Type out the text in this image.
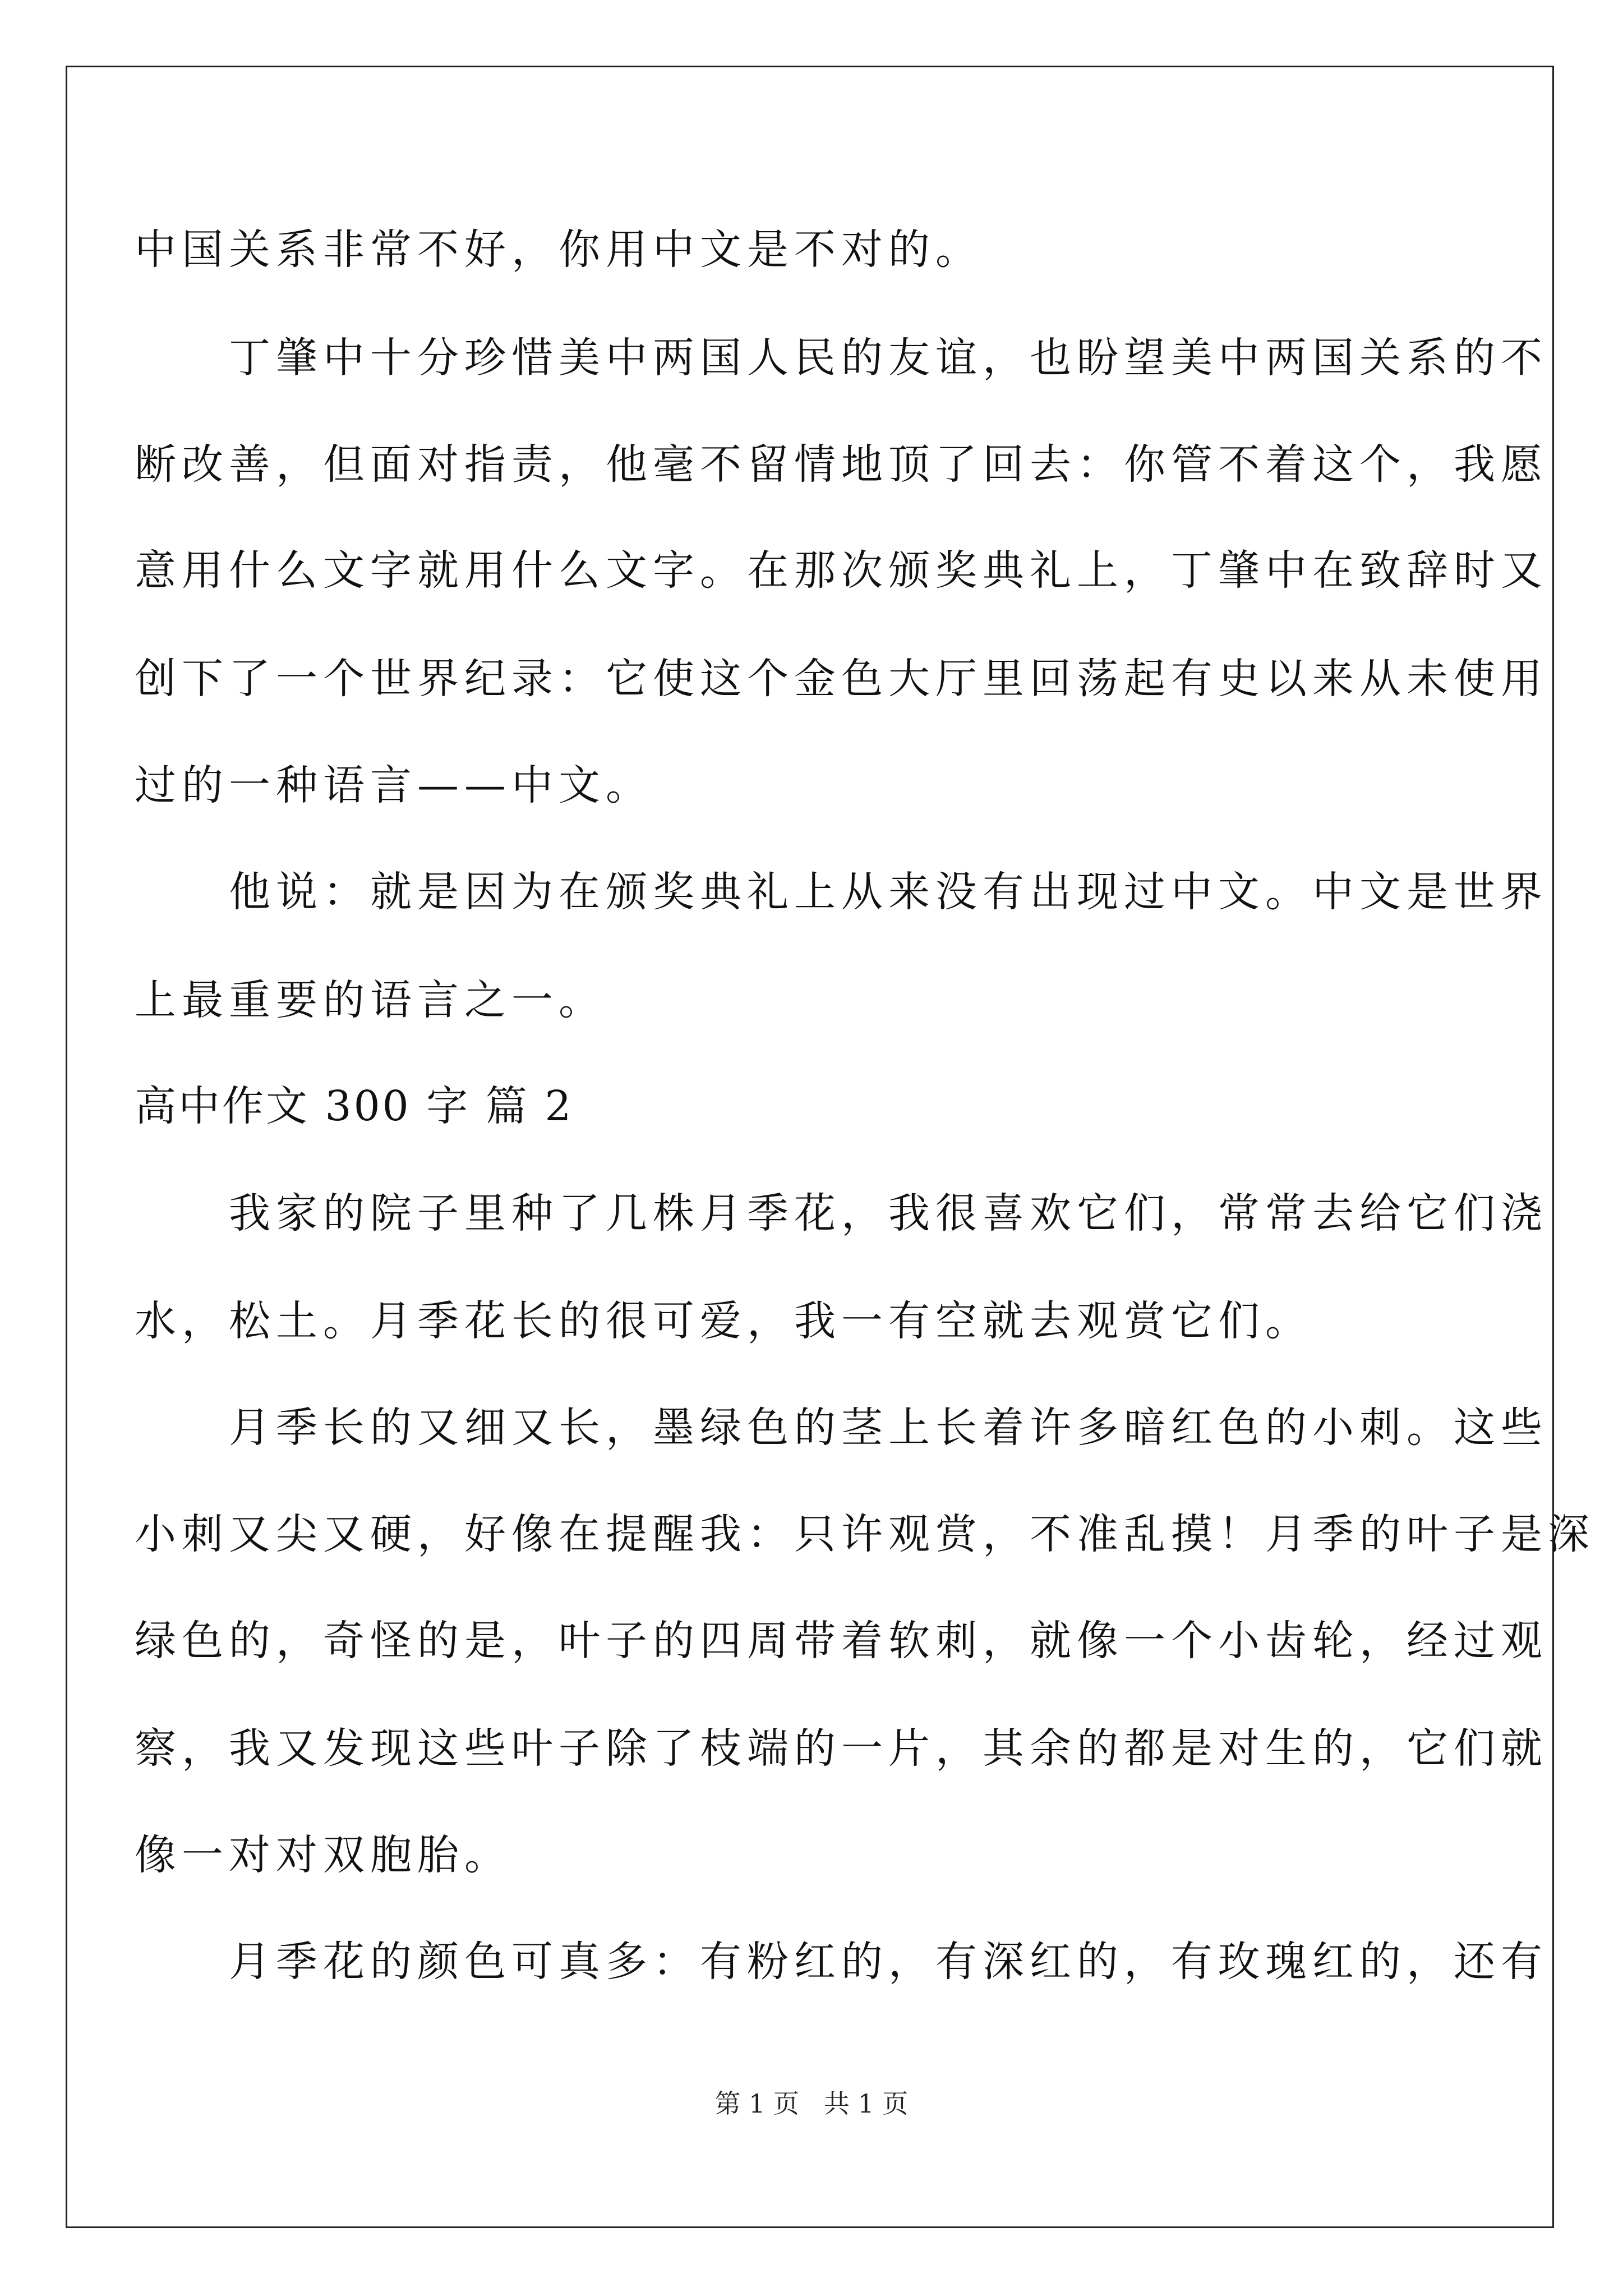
中国关系非常不好，你用中文是不对的。
　　丁肇中十分珍惜美中两国人民的友谊，也盼望美中两国关系的不
断改善，但面对指责，他毫不留情地顶了回去：你管不着这个，我愿
意用什么文字就用什么文字。在那次颁奖典礼上，丁肇中在致辞时又
创下了一个世界纪录：它使这个金色大厅里回荡起有史以来从未使用
过的一种语言——中文。
　　他说：就是因为在颁奖典礼上从来没有出现过中文。中文是世界
上最重要的语言之一。
高中作文 300 字 篇 2
　　我家的院子里种了几株月季花，我很喜欢它们，常常去给它们浇
水，松土。月季花长的很可爱，我一有空就去观赏它们。
　　月季长的又细又长，墨绿色的茎上长着许多暗红色的小刺。这些
小刺又尖又硬，好像在提醒我：只许观赏，不准乱摸！月季的叶子是深
绿色的，奇怪的是，叶子的四周带着软刺，就像一个小齿轮，经过观
察，我又发现这些叶子除了枝端的一片，其余的都是对生的，它们就
像一对对双胞胎。
　　月季花的颜色可真多：有粉红的，有深红的，有玫瑰红的，还有
第 1 页   共 1 页
